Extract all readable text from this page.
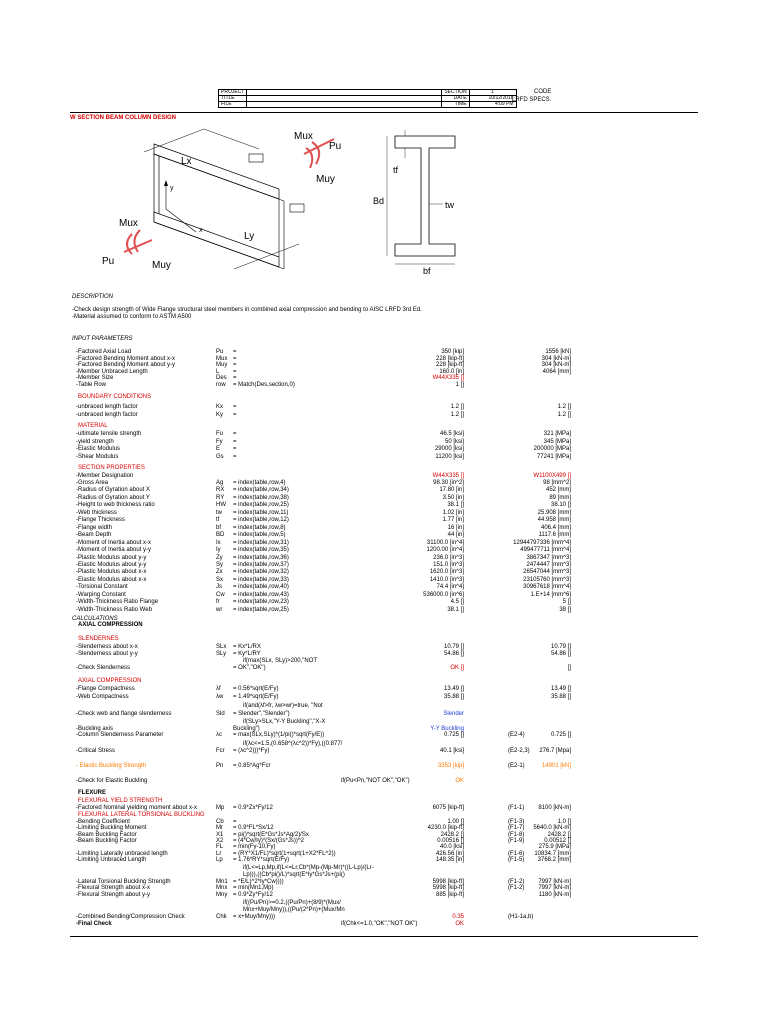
PROJECT		SECTION	1
TITLE		DATE	10/12/2018
FILE		TIME	4:09 PM
CODE
LRFD SPECS.
W SECTION BEAM COLUMN DESIGN
Mux
Pu
Muy
Lx
Ly
y
x
Mux
Pu	Muy
tf
Bd	tw
bf
DESCRIPTION
-Check design strength of Wide Flange structural steel members in combined axial compression and bending to AISC LRFD 3rd Ed.
-Material assumed to conform to ASTM A500
INPUT PARAMETERS
-Factored Axial Load	Pu =	350 [kip]	1556 [kN]
-Factored Bending Moment about x-x	Mux =	228 [kip-ft]	304 [kN-m]
-Factored Bending Moment about y-y	Muy =	228 [kip-ft]	304 [kN-m]
-Member Unbraced Length	L =	160.0 [in]	4064 [mm]
-Member Size	Des =	W44X335 []
-Table Row	row = Match(Des,section,0)	1 []
BOUNDARY CONDITIONS
-unbraced length factor	Kx =	1.2 []	1.2 []
-unbraced length factor	Ky =	1.2 []	1.2 []
MATERIAL
-ultimate tensile strength	Fu =	46.5 [ksi]	321 [MPa]
-yield strength	Fy =	50 [ksi]	345 [MPa]
-Elastic Modulus	E =	29000 [ksi]	200000 [MPa]
-Shear Modulus	Gs =	11200 [ksi]	77241 [MPa]
SECTION PROPERTIES
-Member Designation	W44X335 []	W1100X499 []
-Gross Area	Ag = index(table,row,4)	98.30 [in^2]	98 [mm^2]
-Radius of Gyration about X	RX = index(table,row,34)	17.80 [in]	452 [mm]
-Radius of Gyration about Y	RY = index(table,row,38)	3.50 [in]	89 [mm]
-Height to web thickness ratio	HW = index(table,row,25)	38.1 []	38.10 []
-Web thickness	tw = index(table,row,11)	1.02 [in]	25.908 [mm]
-Flange Thickness	tf = index(table,row,12)	1.77 [in]	44.958 [mm]
-Flange width	bf = index(table,row,8)	16 [in]	406.4 [mm]
-Beam Depth	BD = index(table,row,5)	44 [in]	1117.6 [mm]
-Moment of Inertia about x-x	Ix = index(table,row,31)	31100.0 [in^4]	12944797336 [mm^4]
-Moment of Inertia about y-y	Iy = index(table,row,35)	1200.00 [in^4]	499477711 [mm^4]
-Plastic Modulus about y-y	Zy = index(table,row,36)	236.0 [in^3]	3867347 [mm^3]
-Elastic Modulus about y-y	Sy = index(table,row,37)	151.0 [in^3]	2474447 [mm^3]
-Plastic Modulus about x-x	Zx = index(table,row,32)	1620.0 [in^3]	26547044 [mm^3]
-Elastic Modulus about x-x	Sx = index(table,row,33)	1410.0 [in^3]	23105760 [mm^3]
-Torsional Constant	Js = index(table,row,40)	74.4 [in^4]	30967618 [mm^4]
-Warping Constant	Cw = index(table,row,43)	536000.0 [in^6]	1.E+14 [mm^6]
-Width-Thickness Ratio Flange	fr = index(table,row,23)	4.5 []	5 []
-Width-Thickness Ratio Web	wr = index(table,row,25)	38.1 []	38 []
CALCULATIONS
AXIAL COMPRESSION
SLENDERNES
-Slenderness about x-x	SLx = Kx*L/RX	10.79 []	10.79 []
-Slenderness about y-y	SLy = Ky*L/RY	54.86 []	54.86 []
if(max(SLx, SLy)>200,"NOT
-Check Slenderness	= OK","OK")	OK []	[]
AXIAL COMPRESSION
-Flange Compactness	λf = 0.56*sqrt(E/Fy)	13.49 []	13.49 []
-Web Compactness	λw = 1.49*sqrt(E/Fy)	35.88 []	35.88 []
if(and(λf>fr, λw>wr)=true, "Not
-Check web and flange slenderness	Sld = Slender","Slender")	Slender
if(SLy>SLx,"Y-Y Buckling","X-X
-Buckling axis	Buckling")	Y-Y Buckling
-Column Slenderness Parameter	λc = max(SLx,SLy)*(1/pi()*sqrt(Fy/E))	0.725 []	0.725 []
(E2-4)
if(λc<=1.5,(0.658^(λc^2))*Fy),((0.877/
-Critical Stress	Fcr = (λc^2)))*Fy)	40.1 [ksi]	276.7 [Mpa]
(E2-2,3)
- Elastic Buckling Strength	Pn = 0.85*Ag*Fcr	3353 [kip]	14901 [kN]
(E2-1)
-Check for Elastic Buckling	if(Pu<Pn,"NOT OK","OK")	OK
FLEXURE
FLEXURAL YIELD STRENGTH
-Factored Nominal yielding moment about x-x	Mp = 0.9*Zx*Fy/12	6075 [kip-ft]	8100 [kN-m]
(F1-1)
FLEXURAL LATERAL TORSIONAL BUCKLING
-Bending Coefficient	Cb =	1.00 []	1.0 []
(F1-3)
-Limiting Buckling Moment	Mr = 0.9*FL*Sx/12	4230.0 [kip-ft]	5640.0 [kN-m]
(F1-7)
-Beam Buckling Factor	X1 = pi()*sqrt(E*Gs*Js*Ag/2)/Sx	2428.2 []	2428.2 []
(F1-8)
-Beam Buckling Factor	X2 = (4*Cw/Iy)*(Sx/(Gs*Js))^2	0.00516 []	0.00512 []
(F1-9)
FL = min(Fy-10,Fy)	40.0 [ksi]	275.9 [MPa]
-Limiting Laterally unbraced length	Lr = (RY*X1/FL)*sqrt(1+sqrt(1+X2*FL^2))	426.56 [in]	10834.7 [mm]
(F1-6)
-Limiting Unbraced Length	Lp = 1.76*RY*sqrt(E/Fy)	148.35 [in]	3768.2 [mm]
(F1-5)
if(L<=Lp,Mp,if(L<=Lr,Cb*(Mp-(Mp-Mr)*((L-Lp)/(Lr-
Lp))),((Cb*pi()/L)*sqrt(E*Iy*Gs*Js+(pi()
-Lateral Torsional Buckling Strength	Mn1 = *E/L)^2*Iy*Cw))))	5998 [kip-ft]	7997 [kN-m]
(F1-2)
-Flexural Strength about x-x	Mnx = min(Mn1,Mp)	5998 [kip-ft]	7997 [kN-m]
(F1-2)
-Flexural Strength about y-y	Mny = 0.9*Zy*Fy/12	885 [kip-ft]	1180 [kN-m]
if((Pu/Pn)>=0.2,((Pu/Pn)+(8/9)*(Mux/
Mnx+Muy/Mny)),((Pu/(2*Pn)+(Mux/Mn
-Combined Bending/Compression Check	Chk = x+Muy/Mny)))	0.35	(H1-1a,b)
-Final Check	if(Chk<=1.0,"OK","NOT OK")	OK
